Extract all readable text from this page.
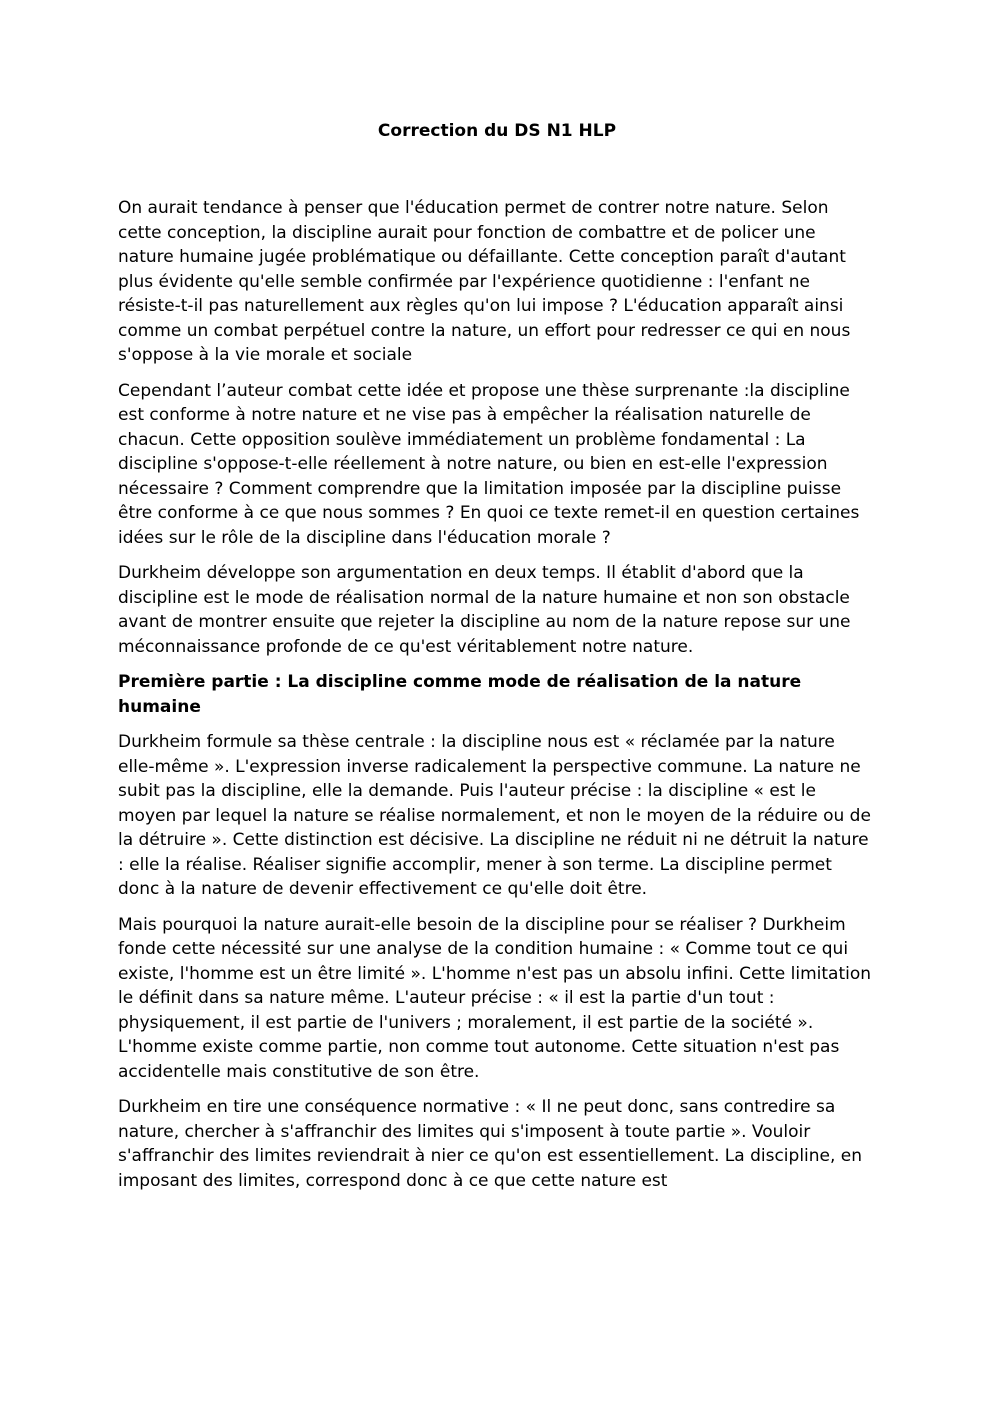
Correction du DS N1 HLP

On aurait tendance à penser que l'éducation permet de contrer notre nature. Selon cette conception, la discipline aurait pour fonction de combattre et de policer une nature humaine jugée problématique ou défaillante. Cette conception paraît d'autant plus évidente qu'elle semble confirmée par l'expérience quotidienne : l'enfant ne résiste-t-il pas naturellement aux règles qu'on lui impose ? L'éducation apparaît ainsi comme un combat perpétuel contre la nature, un effort pour redresser ce qui en nous s'oppose à la vie morale et sociale

Cependant l’auteur combat cette idée et propose une thèse surprenante :la discipline est conforme à notre nature et ne vise pas à empêcher la réalisation naturelle de chacun. Cette opposition soulève immédiatement un problème fondamental : La discipline s'oppose-t-elle réellement à notre nature, ou bien en est-elle l'expression nécessaire ? Comment comprendre que la limitation imposée par la discipline puisse être conforme à ce que nous sommes ? En quoi ce texte remet-il en question certaines idées sur le rôle de la discipline dans l'éducation morale ?

Durkheim développe son argumentation en deux temps. Il établit d'abord que la discipline est le mode de réalisation normal de la nature humaine et non son obstacle avant de montrer ensuite que rejeter la discipline au nom de la nature repose sur une méconnaissance profonde de ce qu'est véritablement notre nature.

Première partie : La discipline comme mode de réalisation de la nature humaine

Durkheim formule sa thèse centrale : la discipline nous est « réclamée par la nature elle-même ». L'expression inverse radicalement la perspective commune. La nature ne subit pas la discipline, elle la demande. Puis l'auteur précise : la discipline « est le moyen par lequel la nature se réalise normalement, et non le moyen de la réduire ou de la détruire ». Cette distinction est décisive. La discipline ne réduit ni ne détruit la nature : elle la réalise. Réaliser signifie accomplir, mener à son terme. La discipline permet donc à la nature de devenir effectivement ce qu'elle doit être.

Mais pourquoi la nature aurait-elle besoin de la discipline pour se réaliser ? Durkheim fonde cette nécessité sur une analyse de la condition humaine : « Comme tout ce qui existe, l'homme est un être limité ». L'homme n'est pas un absolu infini. Cette limitation le définit dans sa nature même. L'auteur précise : « il est la partie d'un tout : physiquement, il est partie de l'univers ; moralement, il est partie de la société ». L'homme existe comme partie, non comme tout autonome. Cette situation n'est pas accidentelle mais constitutive de son être.

Durkheim en tire une conséquence normative : « Il ne peut donc, sans contredire sa nature, chercher à s'affranchir des limites qui s'imposent à toute partie ». Vouloir s'affranchir des limites reviendrait à nier ce qu'on est essentiellement. La discipline, en imposant des limites, correspond donc à ce que cette nature est
